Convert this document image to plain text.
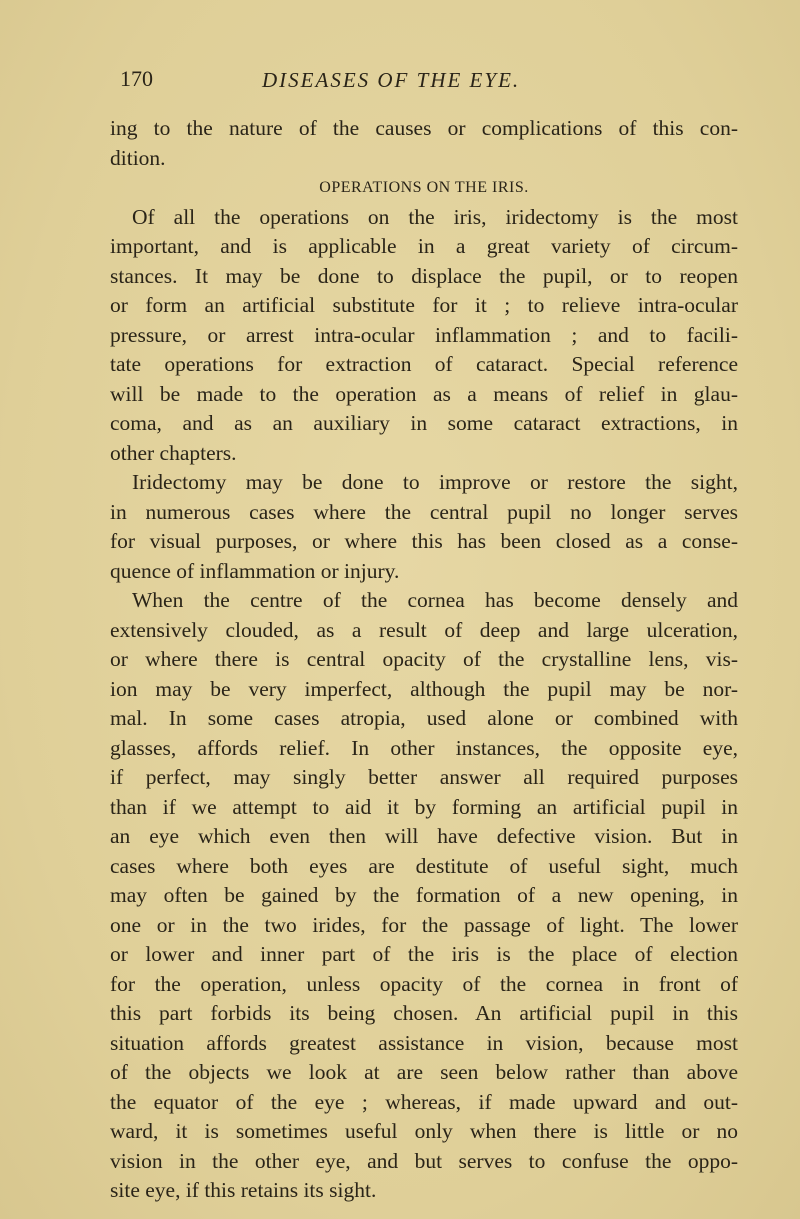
170	DISEASES OF THE EYE.
ing to the nature of the causes or complications of this con-
dition.
OPERATIONS ON THE IRIS.
Of all the operations on the iris, iridectomy is the most
important, and is applicable in a great variety of circum-
stances. It may be done to displace the pupil, or to reopen
or form an artificial substitute for it ; to relieve intra-ocular
pressure, or arrest intra-ocular inflammation ; and to facili-
tate operations for extraction of cataract. Special reference
will be made to the operation as a means of relief in glau-
coma, and as an auxiliary in some cataract extractions, in
other chapters.
Iridectomy may be done to improve or restore the sight,
in numerous cases where the central pupil no longer serves
for visual purposes, or where this has been closed as a conse-
quence of inflammation or injury.
When the centre of the cornea has become densely and
extensively clouded, as a result of deep and large ulceration,
or where there is central opacity of the crystalline lens, vis-
ion may be very imperfect, although the pupil may be nor-
mal. In some cases atropia, used alone or combined with
glasses, affords relief. In other instances, the opposite eye,
if perfect, may singly better answer all required purposes
than if we attempt to aid it by forming an artificial pupil in
an eye which even then will have defective vision. But in
cases where both eyes are destitute of useful sight, much
may often be gained by the formation of a new opening, in
one or in the two irides, for the passage of light. The lower
or lower and inner part of the iris is the place of election
for the operation, unless opacity of the cornea in front of
this part forbids its being chosen. An artificial pupil in this
situation affords greatest assistance in vision, because most
of the objects we look at are seen below rather than above
the equator of the eye ; whereas, if made upward and out-
ward, it is sometimes useful only when there is little or no
vision in the other eye, and but serves to confuse the oppo-
site eye, if this retains its sight.
